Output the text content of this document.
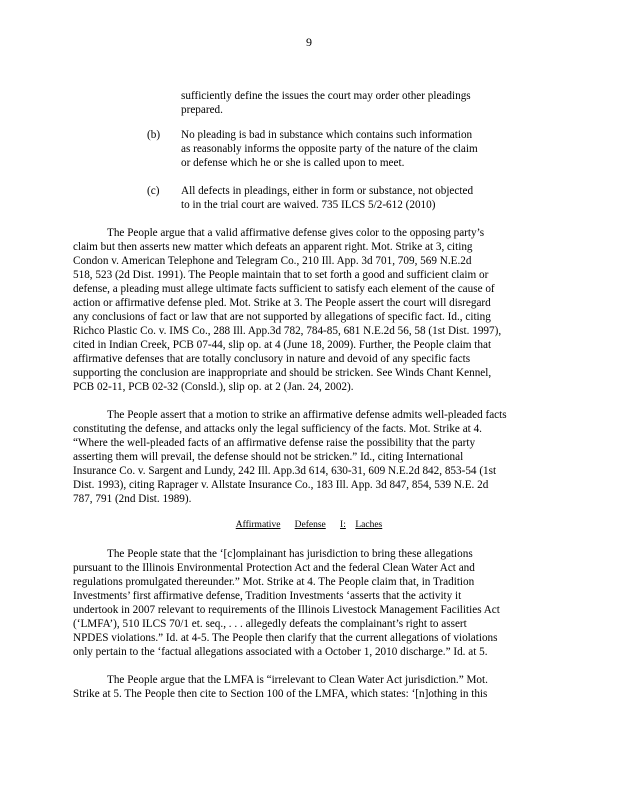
9
sufficiently define the issues the court may order other pleadings
prepared.
(b) No pleading is bad in substance which contains such information
as reasonably informs the opposite party of the nature of the claim
or defense which he or she is called upon to meet.
(c) All defects in pleadings, either in form or substance, not objected
to in the trial court are waived. 735 ILCS 5/2-612 (2010)
The People argue that a valid affirmative defense gives color to the opposing party’s
claim but then asserts new matter which defeats an apparent right. Mot. Strike at 3, citing
Condon v. American Telephone and Telegram Co., 210 Ill. App. 3d 701, 709, 569 N.E.2d
518, 523 (2d Dist. 1991). The People maintain that to set forth a good and sufficient claim or
defense, a pleading must allege ultimate facts sufficient to satisfy each element of the cause of
action or affirmative defense pled. Mot. Strike at 3. The People assert the court will disregard
any conclusions of fact or law that are not supported by allegations of specific fact. Id., citing
Richco Plastic Co. v. IMS Co., 288 Ill. App.3d 782, 784-85, 681 N.E.2d 56, 58 (1st Dist. 1997),
cited in Indian Creek, PCB 07-44, slip op. at 4 (June 18, 2009). Further, the People claim that
affirmative defenses that are totally conclusory in nature and devoid of any specific facts
supporting the conclusion are inappropriate and should be stricken. See Winds Chant Kennel,
PCB 02-11, PCB 02-32 (Consld.), slip op. at 2 (Jan. 24, 2002).
The People assert that a motion to strike an affirmative defense admits well-pleaded facts
constituting the defense, and attacks only the legal sufficiency of the facts. Mot. Strike at 4.
“Where the well-pleaded facts of an affirmative defense raise the possibility that the party
asserting them will prevail, the defense should not be stricken.” Id., citing International
Insurance Co. v. Sargent and Lundy, 242 Ill. App.3d 614, 630-31, 609 N.E.2d 842, 853-54 (1st
Dist. 1993), citing Raprager v. Allstate Insurance Co., 183 Ill. App. 3d 847, 854, 539 N.E. 2d
787, 791 (2nd Dist. 1989).
Affirmative Defense I: Laches
The People state that the ‘[c]omplainant has jurisdiction to bring these allegations
pursuant to the Illinois Environmental Protection Act and the federal Clean Water Act and
regulations promulgated thereunder.” Mot. Strike at 4. The People claim that, in Tradition
Investments’ first affirmative defense, Tradition Investments ‘asserts that the activity it
undertook in 2007 relevant to requirements of the Illinois Livestock Management Facilities Act
(‘LMFA’), 510 ILCS 70/1 et. seq., . . . allegedly defeats the complainant’s right to assert
NPDES violations.” Id. at 4-5. The People then clarify that the current allegations of violations
only pertain to the ‘factual allegations associated with a October 1, 2010 discharge.” Id. at 5.
The People argue that the LMFA is “irrelevant to Clean Water Act jurisdiction.” Mot.
Strike at 5. The People then cite to Section 100 of the LMFA, which states: ‘[n]othing in this
